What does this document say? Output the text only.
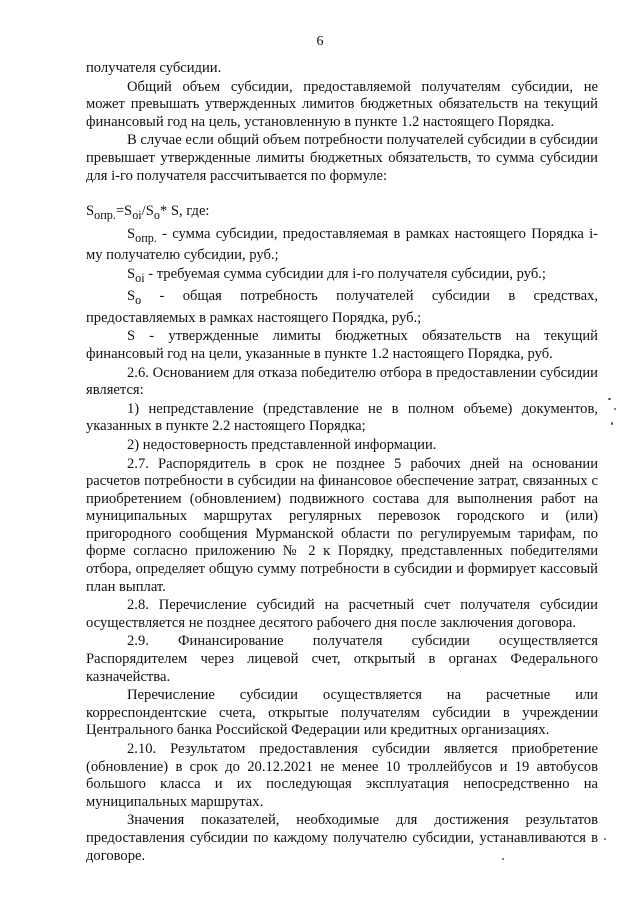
6

получателя субсидии.

Общий объем субсидии, предоставляемой получателям субсидии, не может превышать утвержденных лимитов бюджетных обязательств на текущий финансовый год на цель, установленную в пункте 1.2 настоящего Порядка.

В случае если общий объем потребности получателей субсидии в субсидии превышает утвержденные лимиты бюджетных обязательств, то сумма субсидии для i-го получателя рассчитывается по формуле:

$S_{опр.}=S_{oi}/S_o*$ S, где:

$S_{опр.}$ - сумма субсидии, предоставляемая в рамках настоящего Порядка i-му получателю субсидии, руб.;

$S_{oi}$ - требуемая сумма субсидии для i-го получателя субсидии, руб.;

$S_o$ - общая потребность получателей субсидии в средствах, предоставляемых в рамках настоящего Порядка, руб.;

S - утвержденные лимиты бюджетных обязательств на текущий финансовый год на цели, указанные в пункте 1.2 настоящего Порядка, руб.

2.6. Основанием для отказа победителю отбора в предоставлении субсидии является:

1) непредставление (представление не в полном объеме) документов, указанных в пункте 2.2 настоящего Порядка;

2) недостоверность представленной информации.

2.7. Распорядитель в срок не позднее 5 рабочих дней на основании расчетов потребности в субсидии на финансовое обеспечение затрат, связанных с приобретением (обновлением) подвижного состава для выполнения работ на муниципальных маршрутах регулярных перевозок городского и (или) пригородного сообщения Мурманской области по регулируемым тарифам, по форме согласно приложению № 2 к Порядку, представленных победителями отбора, определяет общую сумму потребности в субсидии и формирует кассовый план выплат.

2.8. Перечисление субсидий на расчетный счет получателя субсидии осуществляется не позднее десятого рабочего дня после заключения договора.

2.9. Финансирование получателя субсидии осуществляется Распорядителем через лицевой счет, открытый в органах Федерального казначейства.

Перечисление субсидии осуществляется на расчетные или корреспондентские счета, открытые получателям субсидии в учреждении Центрального банка Российской Федерации или кредитных организациях.

2.10. Результатом предоставления субсидии является приобретение (обновление) в срок до 20.12.2021 не менее 10 троллейбусов и 19 автобусов большого класса и их последующая эксплуатация непосредственно на муниципальных маршрутах.

Значения показателей, необходимые для достижения результатов предоставления субсидии по каждому получателю субсидии, устанавливаются в договоре.
